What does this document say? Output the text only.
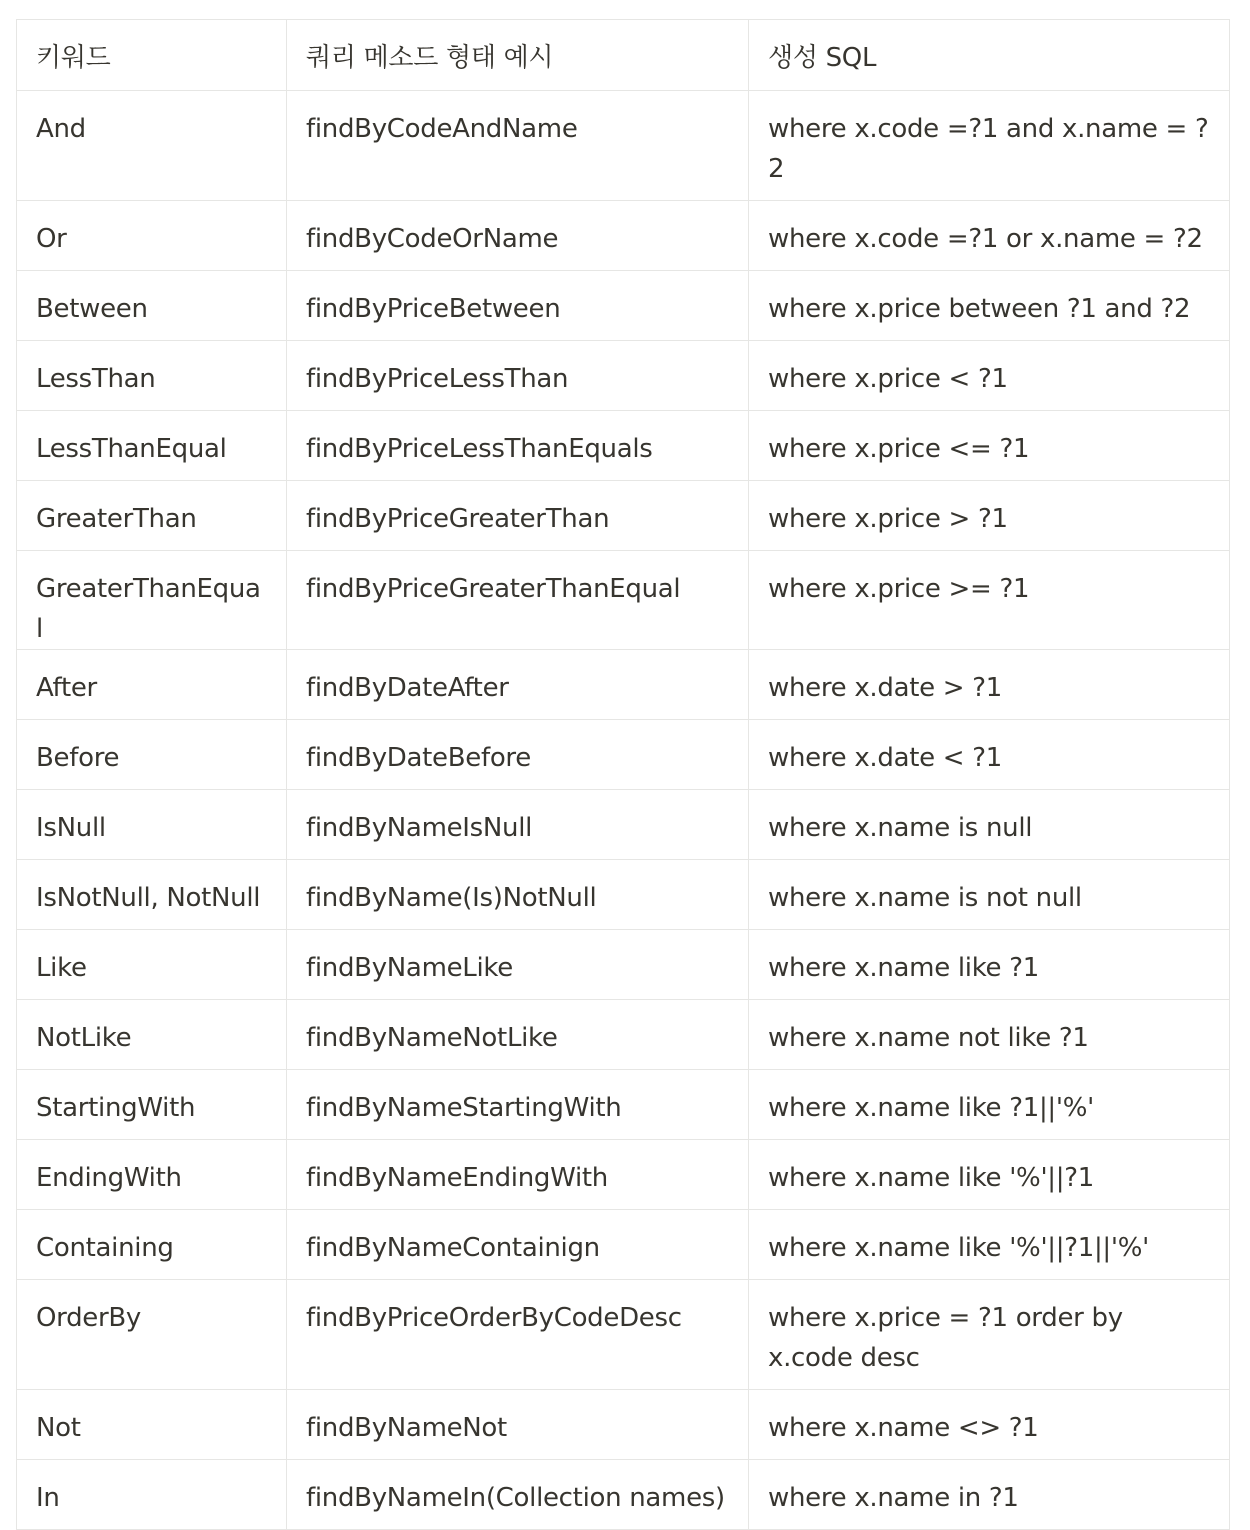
키워드	쿼리 메소드 형태 예시	생성 SQL
And	findByCodeAndName	where x.code =?1 and x.name = ?2
Or	findByCodeOrName	where x.code =?1 or x.name = ?2
Between	findByPriceBetween	where x.price between ?1 and ?2
LessThan	findByPriceLessThan	where x.price < ?1
LessThanEqual	findByPriceLessThanEquals	where x.price <= ?1
GreaterThan	findByPriceGreaterThan	where x.price > ?1
GreaterThanEqual	findByPriceGreaterThanEqual	where x.price >= ?1
After	findByDateAfter	where x.date > ?1
Before	findByDateBefore	where x.date < ?1
IsNull	findByNameIsNull	where x.name is null
IsNotNull, NotNull	findByName(Is)NotNull	where x.name is not null
Like	findByNameLike	where x.name like ?1
NotLike	findByNameNotLike	where x.name not like ?1
StartingWith	findByNameStartingWith	where x.name like ?1||'%'
EndingWith	findByNameEndingWith	where x.name like '%'||?1
Containing	findByNameContainign	where x.name like '%'||?1||'%'
OrderBy	findByPriceOrderByCodeDesc	where x.price = ?1 order by x.code desc
Not	findByNameNot	where x.name <> ?1
In	findByNameIn(Collection names)	where x.name in ?1
